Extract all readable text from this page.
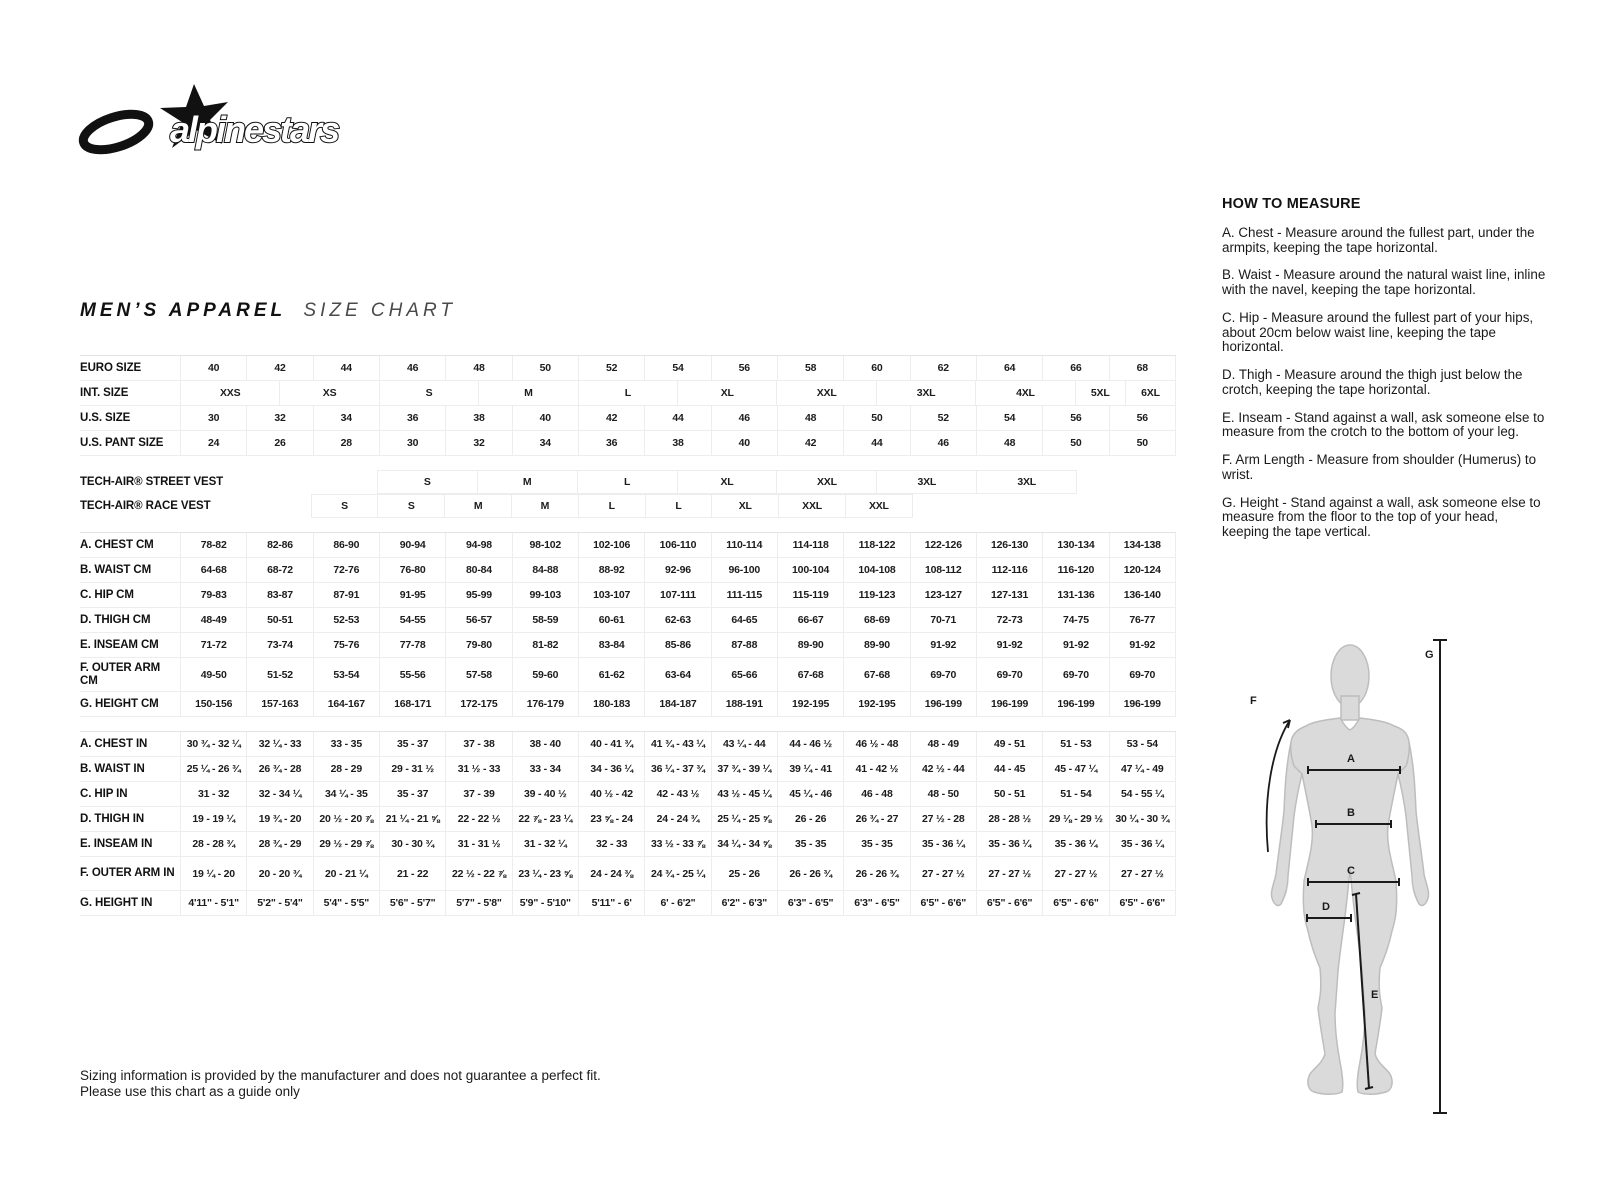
alpinestars
MEN’S APPAREL SIZE CHART
EURO SIZE	40	42	44	46	48	50	52	54	56	58	60	62	64	66	68
INT. SIZE	XXS	XS	S	M	L	XL	XXL	3XL	4XL	5XL	6XL
U.S. SIZE	30	32	34	36	38	40	42	44	46	48	50	52	54	56	56
U.S. PANT SIZE	24	26	28	30	32	34	36	38	40	42	44	46	48	50	50
TECH-AIR® STREET VEST	S	M	L	XL	XXL	3XL	3XL
TECH-AIR® RACE VEST	S	S	M	M	L	L	XL	XXL	XXL
A. CHEST CM	78-82	82-86	86-90	90-94	94-98	98-102	102-106	106-110	110-114	114-118	118-122	122-126	126-130	130-134	134-138
B. WAIST CM	64-68	68-72	72-76	76-80	80-84	84-88	88-92	92-96	96-100	100-104	104-108	108-112	112-116	116-120	120-124
C. HIP CM	79-83	83-87	87-91	91-95	95-99	99-103	103-107	107-111	111-115	115-119	119-123	123-127	127-131	131-136	136-140
D. THIGH CM	48-49	50-51	52-53	54-55	56-57	58-59	60-61	62-63	64-65	66-67	68-69	70-71	72-73	74-75	76-77
E. INSEAM CM	71-72	73-74	75-76	77-78	79-80	81-82	83-84	85-86	87-88	89-90	89-90	91-92	91-92	91-92	91-92
F. OUTER ARM CM	49-50	51-52	53-54	55-56	57-58	59-60	61-62	63-64	65-66	67-68	67-68	69-70	69-70	69-70	69-70
G. HEIGHT CM	150-156	157-163	164-167	168-171	172-175	176-179	180-183	184-187	188-191	192-195	192-195	196-199	196-199	196-199	196-199
A. CHEST IN	30 ¾ - 32 ¼	32 ¼ - 33	33 - 35	35 - 37	37 - 38	38 - 40	40 - 41 ¾	41 ¾ - 43 ¼	43 ¼ - 44	44 - 46 ½	46 ½ - 48	48 - 49	49 - 51	51 - 53	53 - 54
B. WAIST IN	25 ¼ - 26 ¾	26 ¾ - 28	28 - 29	29 - 31 ½	31 ½ - 33	33 - 34	34 - 36 ¼	36 ¼ - 37 ¾	37 ¾ - 39 ¼	39 ¼ - 41	41 - 42 ½	42 ½ - 44	44 - 45	45 - 47 ¼	47 ¼ - 49
C. HIP IN	31 - 32	32 - 34 ¼	34 ¼ - 35	35 - 37	37 - 39	39 - 40 ½	40 ½ - 42	42 - 43 ½	43 ½ - 45 ¼	45 ¼ - 46	46 - 48	48 - 50	50 - 51	51 - 54	54 - 55 ¼
D. THIGH IN	19 - 19 ¼	19 ¾ - 20	20 ½ - 20 ⅞	21 ¼ - 21 ⅝	22 - 22 ½	22 ⅞ - 23 ¼	23 ⅝ - 24	24 - 24 ¾	25 ¼ - 25 ⅝	26 - 26	26 ¾ - 27	27 ½ - 28	28 - 28 ½	29 ⅛ - 29 ½	30 ¼ - 30 ¾
E. INSEAM IN	28 - 28 ¾	28 ¾ - 29	29 ½ - 29 ⅞	30 - 30 ¾	31 - 31 ½	31 - 32 ¼	32 - 33	33 ½ - 33 ⅞	34 ¼ - 34 ⅝	35 - 35	35 - 35	35 - 36 ¼	35 - 36 ¼	35 - 36 ¼	35 - 36 ¼
F. OUTER ARM IN	19 ¼ - 20	20 - 20 ¾	20 - 21 ¼	21 - 22	22 ½ - 22 ⅞	23 ¼ - 23 ⅝	24 - 24 ⅜	24 ¾ - 25 ¼	25 - 26	26 - 26 ¾	26 - 26 ¾	27 - 27 ½	27 - 27 ½	27 - 27 ½	27 - 27 ½
G. HEIGHT IN	4'11" - 5'1"	5'2" - 5'4"	5'4" - 5'5"	5'6" - 5'7"	5'7" - 5'8"	5'9" - 5'10"	5'11" - 6'	6' - 6'2"	6'2" - 6'3"	6'3" - 6'5"	6'3" - 6'5"	6'5" - 6'6"	6'5" - 6'6"	6'5" - 6'6"	6'5" - 6'6"
HOW TO MEASURE

A. Chest - Measure around the fullest part, under the armpits, keeping the tape horizontal.

B. Waist - Measure around the natural waist line, inline with the navel, keeping the tape horizontal.

C. Hip - Measure around the fullest part of your hips, about 20cm below waist line, keeping the tape horizontal.

D. Thigh - Measure around the thigh just below the crotch, keeping the tape horizontal.

E. Inseam - Stand against a wall, ask someone else to measure from the crotch to the bottom of your leg.

F. Arm Length - Measure from shoulder (Humerus) to wrist.

G. Height - Stand against a wall, ask someone else to measure from the floor to the top of your head, keeping the tape vertical.

A
B
C
D
E
F
G
Sizing information is provided by the manufacturer and does not guarantee a perfect fit.
Please use this chart as a guide only
